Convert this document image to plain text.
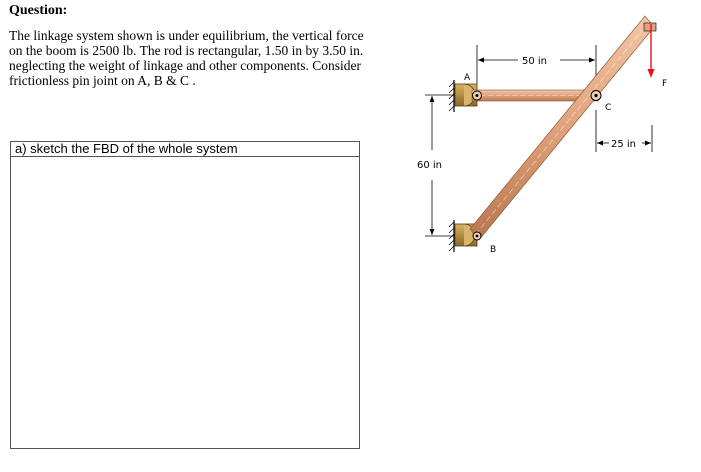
Question:
The linkage system shown is under equilibrium, the vertical force
on the boom is 2500 lb. The rod is rectangular, 1.50 in by 3.50 in.
neglecting the weight of linkage and other components. Consider
frictionless pin joint on A, B & C .
a) sketch the FBD of the whole system
50 in
60 in
25 in
A
B
C
F
